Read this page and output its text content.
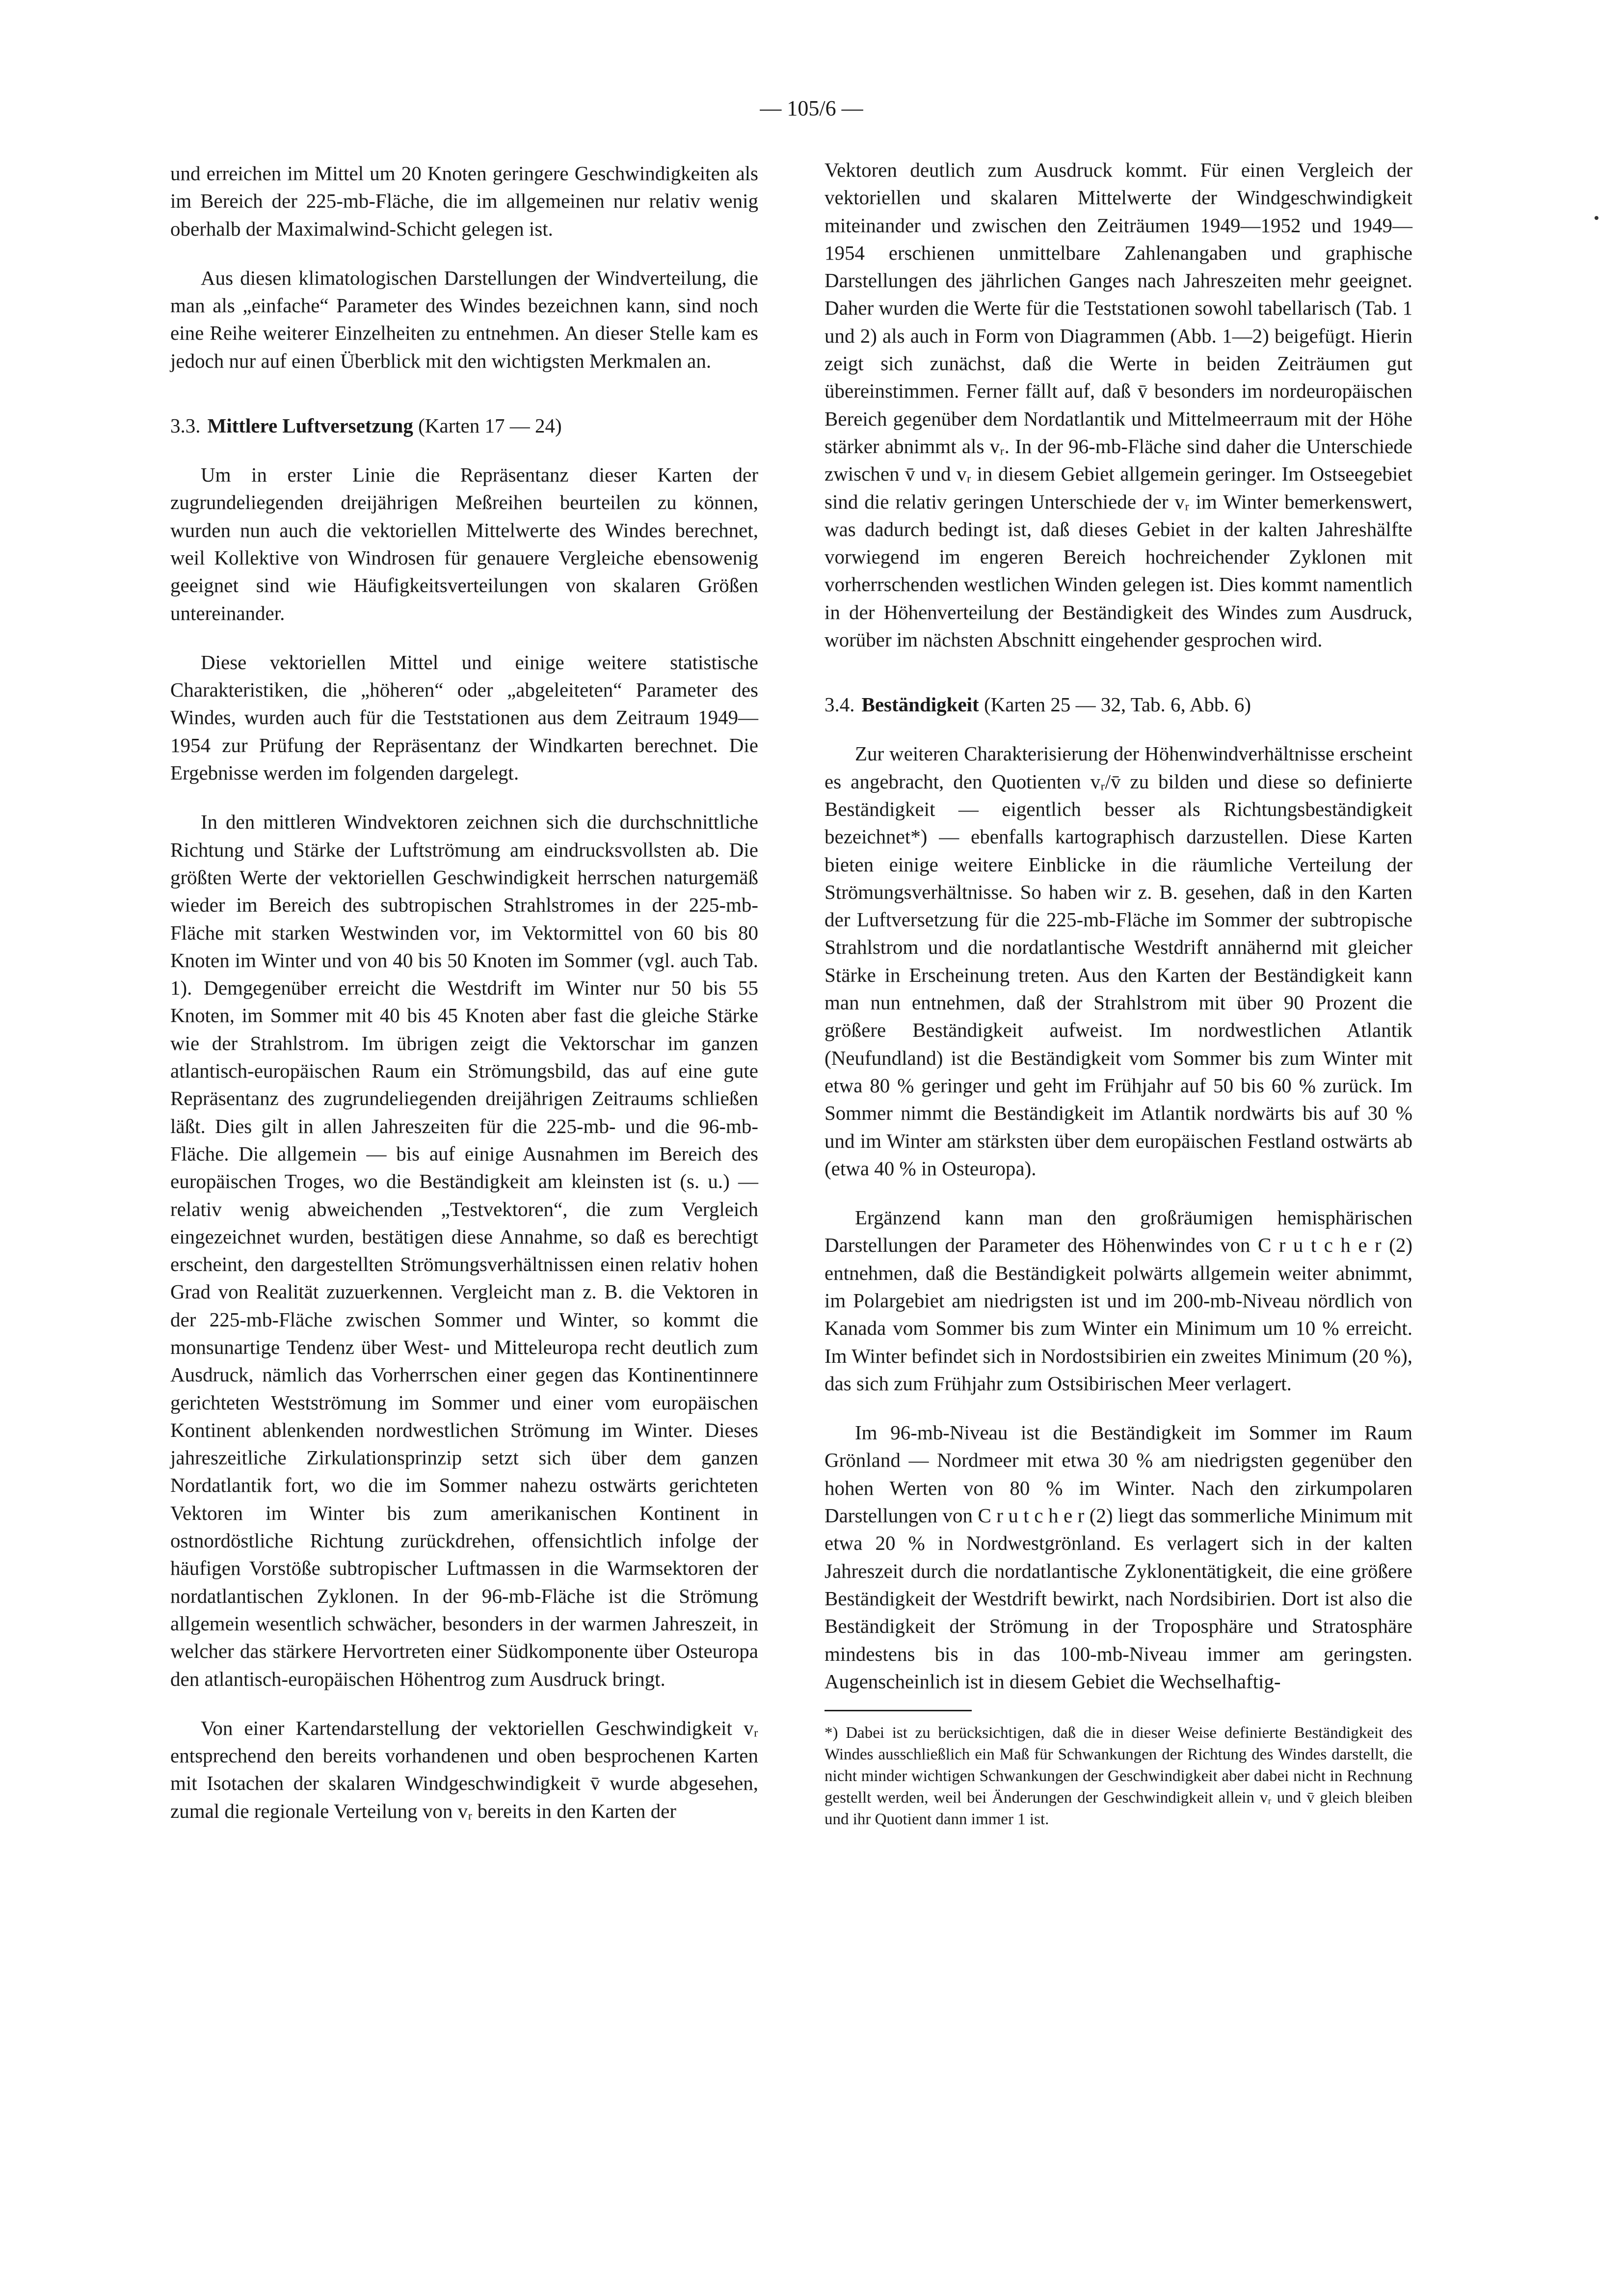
— 105/6 —

und erreichen im Mittel um 20 Knoten geringere Geschwindigkeiten als im Bereich der 225-mb-Fläche, die im allgemeinen nur relativ wenig oberhalb der Maximalwind-Schicht gelegen ist.

Aus diesen klimatologischen Darstellungen der Windverteilung, die man als „einfache“ Parameter des Windes bezeichnen kann, sind noch eine Reihe weiterer Einzelheiten zu entnehmen. An dieser Stelle kam es jedoch nur auf einen Überblick mit den wichtigsten Merkmalen an.

3.3. Mittlere Luftversetzung (Karten 17 — 24)

Um in erster Linie die Repräsentanz dieser Karten der zugrundeliegenden dreijährigen Meßreihen beurteilen zu können, wurden nun auch die vektoriellen Mittelwerte des Windes berechnet, weil Kollektive von Windrosen für genauere Vergleiche ebensowenig geeignet sind wie Häufigkeitsverteilungen von skalaren Größen untereinander.

Diese vektoriellen Mittel und einige weitere statistische Charakteristiken, die „höheren“ oder „abgeleiteten“ Parameter des Windes, wurden auch für die Teststationen aus dem Zeitraum 1949—1954 zur Prüfung der Repräsentanz der Windkarten berechnet. Die Ergebnisse werden im folgenden dargelegt.

In den mittleren Windvektoren zeichnen sich die durchschnittliche Richtung und Stärke der Luftströmung am eindrucksvollsten ab. Die größten Werte der vektoriellen Geschwindigkeit herrschen naturgemäß wieder im Bereich des subtropischen Strahlstromes in der 225-mb-Fläche mit starken Westwinden vor, im Vektormittel von 60 bis 80 Knoten im Winter und von 40 bis 50 Knoten im Sommer (vgl. auch Tab. 1). Demgegenüber erreicht die Westdrift im Winter nur 50 bis 55 Knoten, im Sommer mit 40 bis 45 Knoten aber fast die gleiche Stärke wie der Strahlstrom. Im übrigen zeigt die Vektorschar im ganzen atlantisch-europäischen Raum ein Strömungsbild, das auf eine gute Repräsentanz des zugrundeliegenden dreijährigen Zeitraums schließen läßt. Dies gilt in allen Jahreszeiten für die 225-mb- und die 96-mb-Fläche. Die allgemein — bis auf einige Ausnahmen im Bereich des europäischen Troges, wo die Beständigkeit am kleinsten ist (s. u.) — relativ wenig abweichenden „Testvektoren“, die zum Vergleich eingezeichnet wurden, bestätigen diese Annahme, so daß es berechtigt erscheint, den dargestellten Strömungsverhältnissen einen relativ hohen Grad von Realität zuzuerkennen. Vergleicht man z. B. die Vektoren in der 225-mb-Fläche zwischen Sommer und Winter, so kommt die monsunartige Tendenz über West- und Mitteleuropa recht deutlich zum Ausdruck, nämlich das Vorherrschen einer gegen das Kontinentinnere gerichteten Westströmung im Sommer und einer vom europäischen Kontinent ablenkenden nordwestlichen Strömung im Winter. Dieses jahreszeitliche Zirkulationsprinzip setzt sich über dem ganzen Nordatlantik fort, wo die im Sommer nahezu ostwärts gerichteten Vektoren im Winter bis zum amerikanischen Kontinent in ostnordöstliche Richtung zurückdrehen, offensichtlich infolge der häufigen Vorstöße subtropischer Luftmassen in die Warmsektoren der nordatlantischen Zyklonen. In der 96-mb-Fläche ist die Strömung allgemein wesentlich schwächer, besonders in der warmen Jahreszeit, in welcher das stärkere Hervortreten einer Südkomponente über Osteuropa den atlantisch-europäischen Höhentrog zum Ausdruck bringt.

Von einer Kartendarstellung der vektoriellen Geschwindigkeit vᵣ entsprechend den bereits vorhandenen und oben besprochenen Karten mit Isotachen der skalaren Windgeschwindigkeit v̄ wurde abgesehen, zumal die regionale Verteilung von vᵣ bereits in den Karten der

Vektoren deutlich zum Ausdruck kommt. Für einen Vergleich der vektoriellen und skalaren Mittelwerte der Windgeschwindigkeit miteinander und zwischen den Zeiträumen 1949—1952 und 1949—1954 erschienen unmittelbare Zahlenangaben und graphische Darstellungen des jährlichen Ganges nach Jahreszeiten mehr geeignet. Daher wurden die Werte für die Teststationen sowohl tabellarisch (Tab. 1 und 2) als auch in Form von Diagrammen (Abb. 1—2) beigefügt. Hierin zeigt sich zunächst, daß die Werte in beiden Zeiträumen gut übereinstimmen. Ferner fällt auf, daß v̄ besonders im nordeuropäischen Bereich gegenüber dem Nordatlantik und Mittelmeerraum mit der Höhe stärker abnimmt als vᵣ. In der 96-mb-Fläche sind daher die Unterschiede zwischen v̄ und vᵣ in diesem Gebiet allgemein geringer. Im Ostseegebiet sind die relativ geringen Unterschiede der vᵣ im Winter bemerkenswert, was dadurch bedingt ist, daß dieses Gebiet in der kalten Jahreshälfte vorwiegend im engeren Bereich hochreichender Zyklonen mit vorherrschenden westlichen Winden gelegen ist. Dies kommt namentlich in der Höhenverteilung der Beständigkeit des Windes zum Ausdruck, worüber im nächsten Abschnitt eingehender gesprochen wird.

3.4. Beständigkeit (Karten 25 — 32, Tab. 6, Abb. 6)

Zur weiteren Charakterisierung der Höhenwindverhältnisse erscheint es angebracht, den Quotienten vᵣ/v̄ zu bilden und diese so definierte Beständigkeit — eigentlich besser als Richtungsbeständigkeit bezeichnet*) — ebenfalls kartographisch darzustellen. Diese Karten bieten einige weitere Einblicke in die räumliche Verteilung der Strömungsverhältnisse. So haben wir z. B. gesehen, daß in den Karten der Luftversetzung für die 225-mb-Fläche im Sommer der subtropische Strahlstrom und die nordatlantische Westdrift annähernd mit gleicher Stärke in Erscheinung treten. Aus den Karten der Beständigkeit kann man nun entnehmen, daß der Strahlstrom mit über 90 Prozent die größere Beständigkeit aufweist. Im nordwestlichen Atlantik (Neufundland) ist die Beständigkeit vom Sommer bis zum Winter mit etwa 80 % geringer und geht im Frühjahr auf 50 bis 60 % zurück. Im Sommer nimmt die Beständigkeit im Atlantik nordwärts bis auf 30 % und im Winter am stärksten über dem europäischen Festland ostwärts ab (etwa 40 % in Osteuropa).

Ergänzend kann man den großräumigen hemisphärischen Darstellungen der Parameter des Höhenwindes von C r u t c h e r (2) entnehmen, daß die Beständigkeit polwärts allgemein weiter abnimmt, im Polargebiet am niedrigsten ist und im 200-mb-Niveau nördlich von Kanada vom Sommer bis zum Winter ein Minimum um 10 % erreicht. Im Winter befindet sich in Nordostsibirien ein zweites Minimum (20 %), das sich zum Frühjahr zum Ostsibirischen Meer verlagert.

Im 96-mb-Niveau ist die Beständigkeit im Sommer im Raum Grönland — Nordmeer mit etwa 30 % am niedrigsten gegenüber den hohen Werten von 80 % im Winter. Nach den zirkumpolaren Darstellungen von C r u t c h e r (2) liegt das sommerliche Minimum mit etwa 20 % in Nordwestgrönland. Es verlagert sich in der kalten Jahreszeit durch die nordatlantische Zyklonentätigkeit, die eine größere Beständigkeit der Westdrift bewirkt, nach Nordsibirien. Dort ist also die Beständigkeit der Strömung in der Troposphäre und Stratosphäre mindestens bis in das 100-mb-Niveau immer am geringsten. Augenscheinlich ist in diesem Gebiet die Wechselhaftig-

*) Dabei ist zu berücksichtigen, daß die in dieser Weise definierte Beständigkeit des Windes ausschließlich ein Maß für Schwankungen der Richtung des Windes darstellt, die nicht minder wichtigen Schwankungen der Geschwindigkeit aber dabei nicht in Rechnung gestellt werden, weil bei Änderungen der Geschwindigkeit allein vᵣ und v̄ gleich bleiben und ihr Quotient dann immer 1 ist.
